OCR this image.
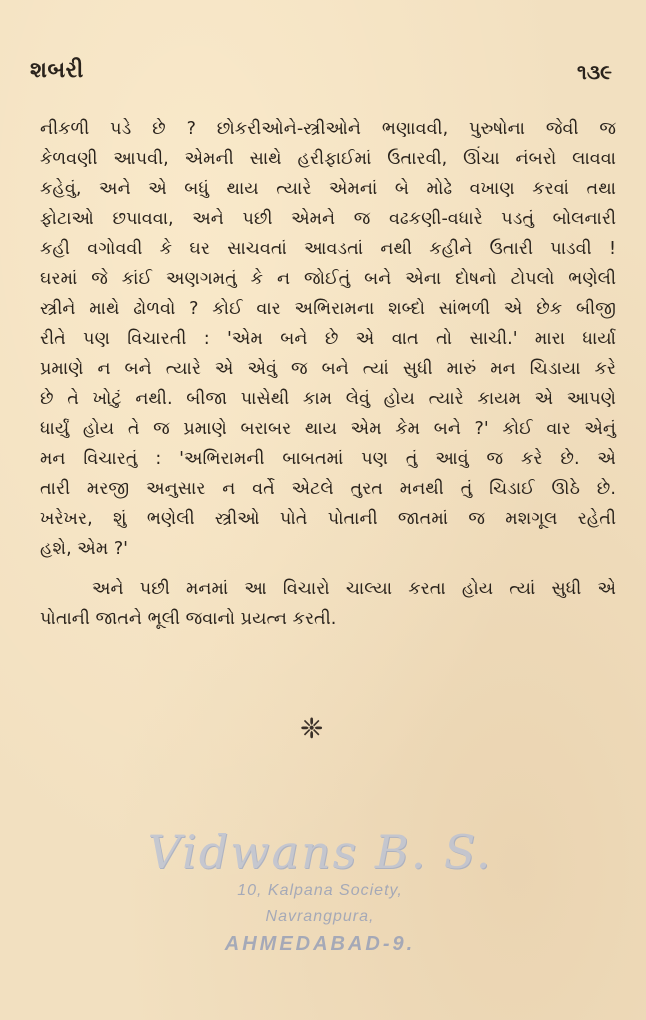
શબરી	૧૩૯
નીકળી પડે છે ? છોકરીઓને-સ્ત્રીઓને ભણાવવી, પુરુષોના જેવી જ
કેળવણી આપવી, એમની સાથે હરીફાઈમાં ઉતારવી, ઊંચા નંબરો લાવવા
કહેવું, અને એ બધું થાય ત્યારે એમનાં બે મોઢે વખાણ કરવાં તથા
ફોટાઓ છપાવવા, અને પછી એમને જ વઢકણી-વધારે પડતું બોલનારી
કહી વગોવવી કે ઘર સાચવતાં આવડતાં નથી કહીને ઉતારી પાડવી !
ઘરમાં જે કાંઈ અણગમતું કે ન જોઈતું બને એના દોષનો ટોપલો ભણેલી
સ્ત્રીને માથે ઢોળવો ? કોઈ વાર અભિરામના શબ્દો સાંભળી એ છેક બીજી
રીતે પણ વિચારતી : 'એમ બને છે એ વાત તો સાચી.' મારા ધાર્યા
પ્રમાણે ન બને ત્યારે એ એવું જ બને ત્યાં સુધી મારું મન ચિડાયા કરે
છે તે ખોટું નથી. બીજા પાસેથી કામ લેવું હોય ત્યારે કાયમ એ આપણે
ધાર્યું હોય તે જ પ્રમાણે બરાબર થાય એમ કેમ બને ?' કોઈ વાર એનું
મન વિચારતું : 'અભિરામની બાબતમાં પણ તું આવું જ કરે છે. એ
તારી મરજી અનુસાર ન વર્તે એટલે તુરત મનથી તું ચિડાઈ ઊઠે છે.
ખરેખર, શું ભણેલી સ્ત્રીઓ પોતે પોતાની જાતમાં જ મશગૂલ રહેતી
હશે, એમ ?'
અને પછી મનમાં આ વિચારો ચાલ્યા કરતા હોય ત્યાં સુધી એ
પોતાની જાતને ભૂલી જવાનો પ્રયત્ન કરતી.
❈
Vidwans B. S.
10, Kalpana Society,
Navrangpura,
AHMEDABAD-9.
